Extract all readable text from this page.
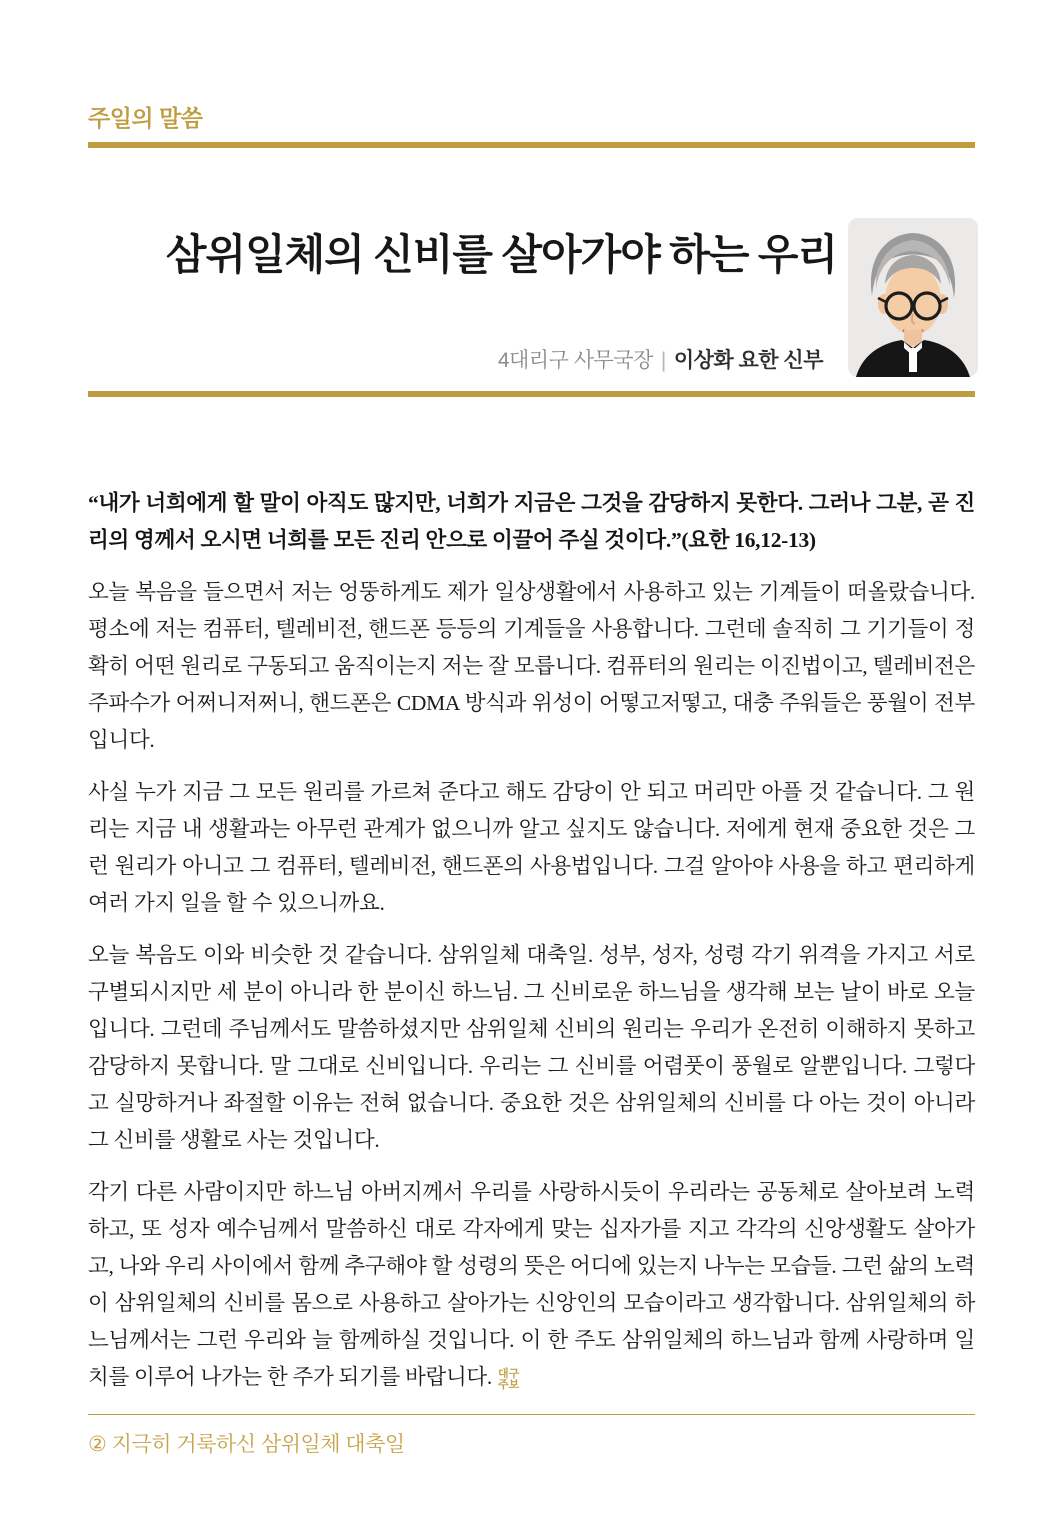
주일의 말씀
삼위일체의 신비를 살아가야 하는 우리
4대리구 사무국장 | 이상화 요한 신부

“내가 너희에게 할 말이 아직도 많지만, 너희가 지금은 그것을 감당하지 못한다. 그러나 그분, 곧 진리의 영께서 오시면 너희를 모든 진리 안으로 이끌어 주실 것이다.”(요한 16,12-13)

오늘 복음을 들으면서 저는 엉뚱하게도 제가 일상생활에서 사용하고 있는 기계들이 떠올랐습니다. 평소에 저는 컴퓨터, 텔레비전, 핸드폰 등등의 기계들을 사용합니다. 그런데 솔직히 그 기기들이 정확히 어떤 원리로 구동되고 움직이는지 저는 잘 모릅니다. 컴퓨터의 원리는 이진법이고, 텔레비전은 주파수가 어쩌니저쩌니, 핸드폰은 CDMA 방식과 위성이 어떻고저떻고, 대충 주워들은 풍월이 전부입니다.

사실 누가 지금 그 모든 원리를 가르쳐 준다고 해도 감당이 안 되고 머리만 아플 것 같습니다. 그 원리는 지금 내 생활과는 아무런 관계가 없으니까 알고 싶지도 않습니다. 저에게 현재 중요한 것은 그런 원리가 아니고 그 컴퓨터, 텔레비전, 핸드폰의 사용법입니다. 그걸 알아야 사용을 하고 편리하게 여러 가지 일을 할 수 있으니까요.

오늘 복음도 이와 비슷한 것 같습니다. 삼위일체 대축일. 성부, 성자, 성령 각기 위격을 가지고 서로 구별되시지만 세 분이 아니라 한 분이신 하느님. 그 신비로운 하느님을 생각해 보는 날이 바로 오늘입니다. 그런데 주님께서도 말씀하셨지만 삼위일체 신비의 원리는 우리가 온전히 이해하지 못하고 감당하지 못합니다. 말 그대로 신비입니다. 우리는 그 신비를 어렴풋이 풍월로 알뿐입니다. 그렇다고 실망하거나 좌절할 이유는 전혀 없습니다. 중요한 것은 삼위일체의 신비를 다 아는 것이 아니라 그 신비를 생활로 사는 것입니다.

각기 다른 사람이지만 하느님 아버지께서 우리를 사랑하시듯이 우리라는 공동체로 살아보려 노력하고, 또 성자 예수님께서 말씀하신 대로 각자에게 맞는 십자가를 지고 각각의 신앙생활도 살아가고, 나와 우리 사이에서 함께 추구해야 할 성령의 뜻은 어디에 있는지 나누는 모습들. 그런 삶의 노력이 삼위일체의 신비를 몸으로 사용하고 살아가는 신앙인의 모습이라고 생각합니다. 삼위일체의 하느님께서는 그런 우리와 늘 함께하실 것입니다. 이 한 주도 삼위일체의 하느님과 함께 사랑하며 일치를 이루어 나가는 한 주가 되기를 바랍니다. 대구
주보

② 지극히 거룩하신 삼위일체 대축일
